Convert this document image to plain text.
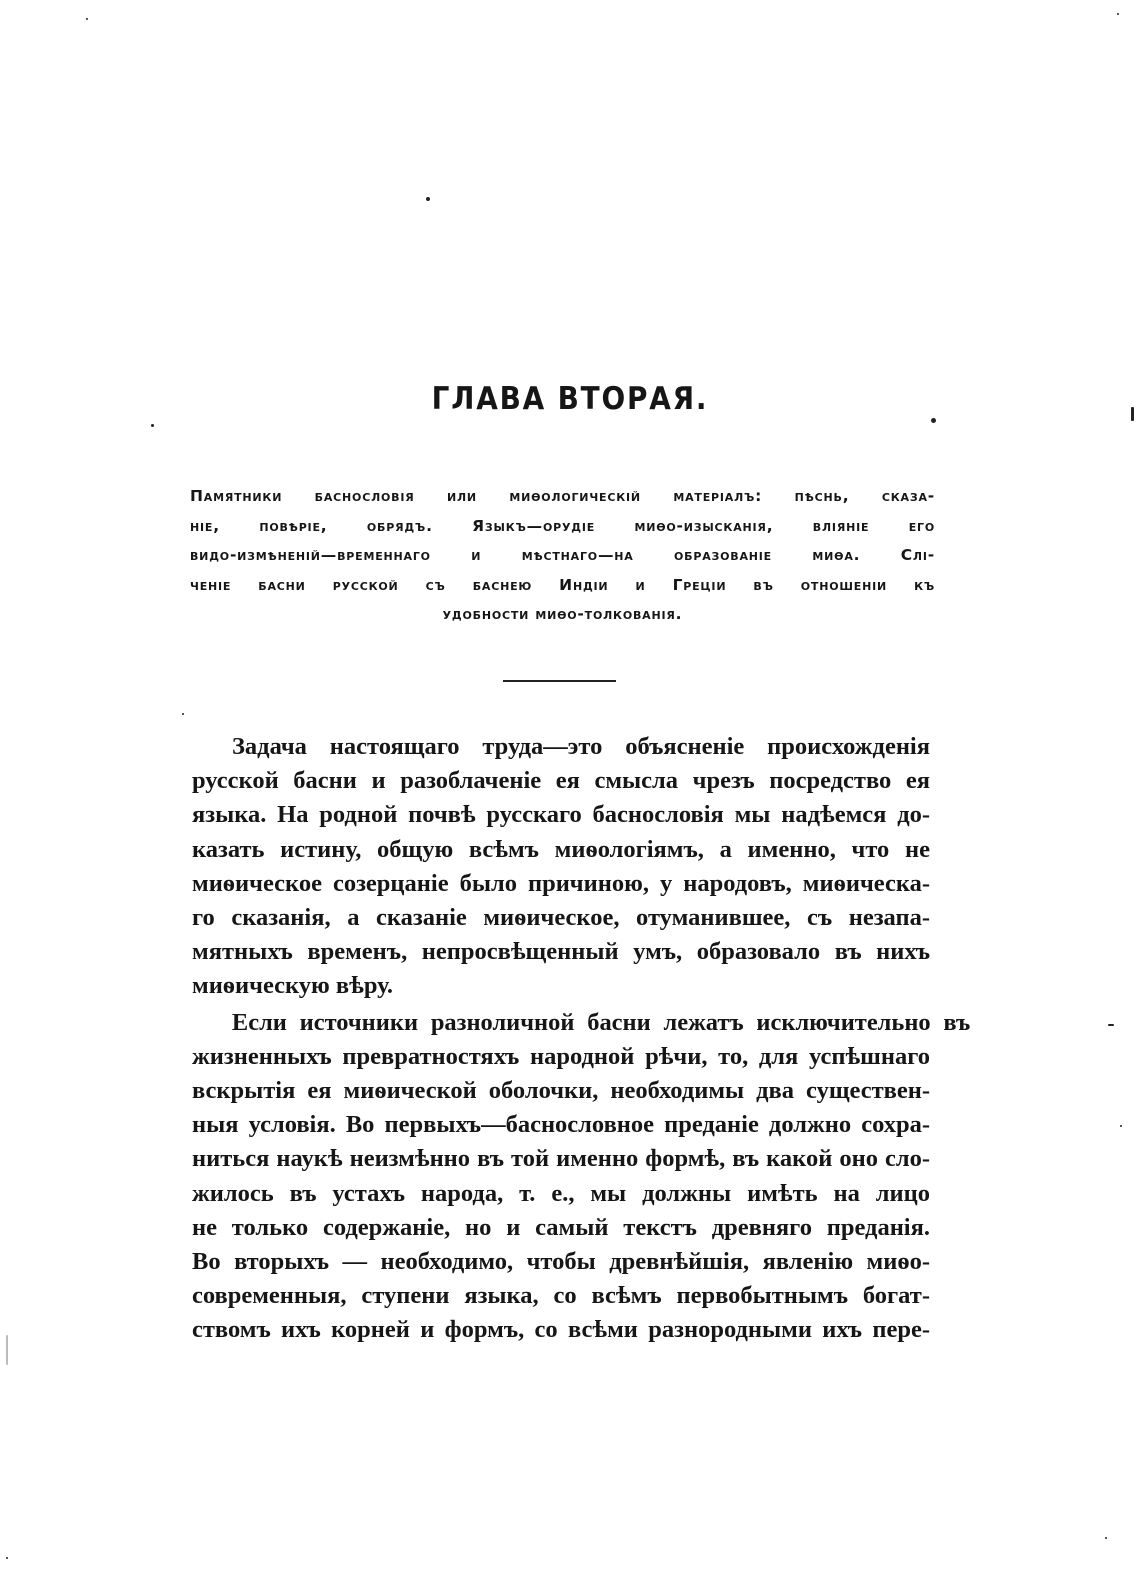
ГЛАВА ВТОРАЯ.
Памятники баснословія или миѳологическій матеріалъ: пѣснь, сказа-
ніе, повѣріе, обрядъ. Языкъ—орудіе миѳо-изысканія, вліяніе его
видо-измѣненій—временнаго и мѣстнаго—на образованіе миѳа. Слі-
ченіе басни русской съ баснею Индіи и Греціи въ отношеніи къ
удобности миѳо-толкованія.
Задача настоящаго труда—это объясненіе происхожденія
русской басни и разоблаченіе ея смысла чрезъ посредство ея
языка. На родной почвѣ русскаго баснословія мы надѣемся до-
казать истину, общую всѣмъ миѳологіямъ, а именно, что не
миѳическое созерцаніе было причиною, у народовъ, миѳическа-
го сказанія, а сказаніе миѳическое, отуманившее, съ незапа-
мятныхъ временъ, непросвѣщенный умъ, образовало въ нихъ
миѳическую вѣру.
Если источники разноличной басни лежатъ исключительно въ
жизненныхъ превратностяхъ народной рѣчи, то, для успѣшнаго
вскрытія ея миѳической оболочки, необходимы два существен-
ныя условія. Во первыхъ—баснословное преданіе должно сохра-
ниться наукѣ неизмѣнно въ той именно формѣ, въ какой оно сло-
жилось въ устахъ народа, т. е., мы должны имѣть на лицо
не только содержаніе, но и самый текстъ древняго преданія.
Во вторыхъ — необходимо, чтобы древнѣйшія, явленію миѳо-
современныя, ступени языка, со всѣмъ первобытнымъ богат-
ствомъ ихъ корней и формъ, со всѣми разнородными ихъ пере-
